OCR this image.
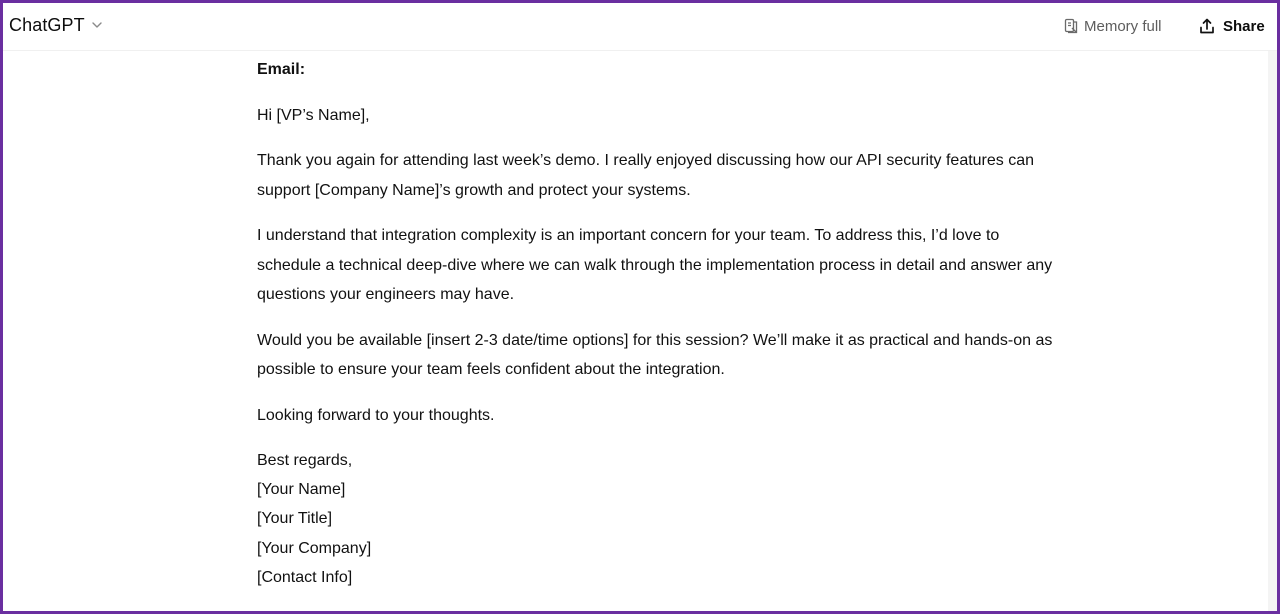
ChatGPT	Memory full	Share

Email:

Hi [VP’s Name],

Thank you again for attending last week’s demo. I really enjoyed discussing how our API security features can support [Company Name]’s growth and protect your systems.

I understand that integration complexity is an important concern for your team. To address this, I’d love to schedule a technical deep-dive where we can walk through the implementation process in detail and answer any questions your engineers may have.

Would you be available [insert 2-3 date/time options] for this session? We’ll make it as practical and hands-on as possible to ensure your team feels confident about the integration.

Looking forward to your thoughts.

Best regards,

[Your Name]

[Your Title]

[Your Company]

[Contact Info]
